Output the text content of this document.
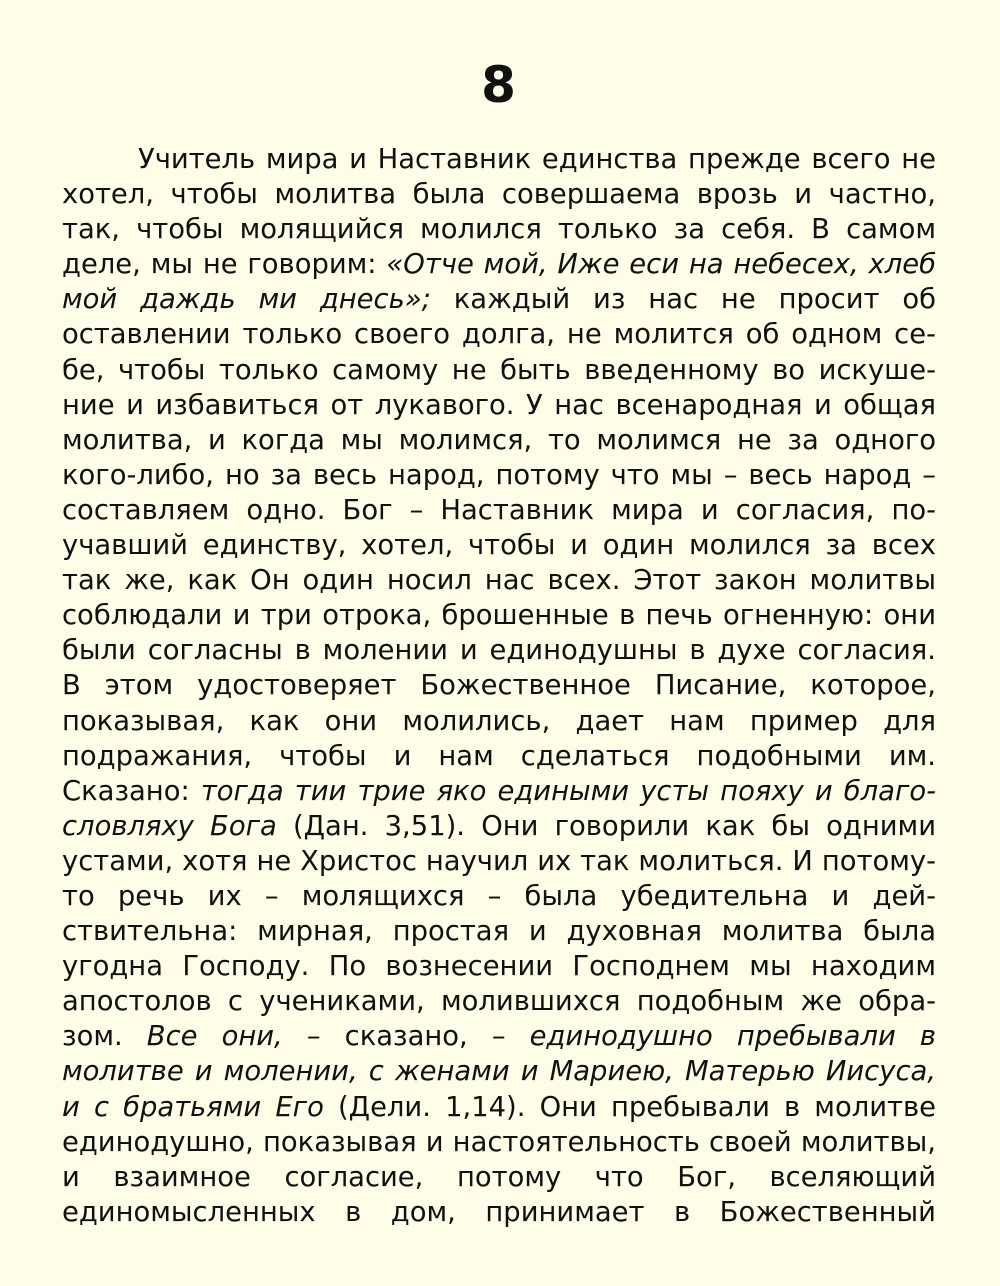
8

Учитель мира и Наставник единства прежде всего не хотел, чтобы молитва была совершаема врозь и частно, так, чтобы молящийся молился только за себя. В самом деле, мы не говорим: «Отче мой, Иже еси на небесех, хлеб мой даждь ми днесь»; каждый из нас не просит об оставлении только своего долга, не молится об одном себе, чтобы только самому не быть введенному во искушение и избавиться от лукавого. У нас всенародная и общая молитва, и когда мы молимся, то молимся не за одного кого-либо, но за весь народ, потому что мы – весь народ – составляем одно. Бог – Наставник мира и согласия, поучавший единству, хотел, чтобы и один молился за всех так же, как Он один носил нас всех. Этот закон молитвы соблюдали и три отрока, брошенные в печь огненную: они были согласны в молении и единодушны в духе согласия. В этом удостоверяет Божественное Писание, которое, показывая, как они молились, дает нам пример для подражания, чтобы и нам сделаться подобными им. Сказано: тогда тии трие яко едиными усты пояху и благословляху Бога (Дан. 3,51). Они говорили как бы одними устами, хотя не Христос научил их так молиться. И потому-то речь их – молящихся – была убедительна и действительна: мирная, простая и духовная молитва была угодна Господу. По вознесении Господнем мы находим апостолов с учениками, молившихся подобным же образом. Все они, – сказано, – единодушно пребывали в молитве и молении, с женами и Мариею, Матерью Иисуса, и с братьями Его (Дели. 1,14). Они пребывали в молитве единодушно, показывая и настоятельность своей молитвы, и взаимное согласие, потому что Бог, вселяющий единомысленных в дом, принимает в Божественный
